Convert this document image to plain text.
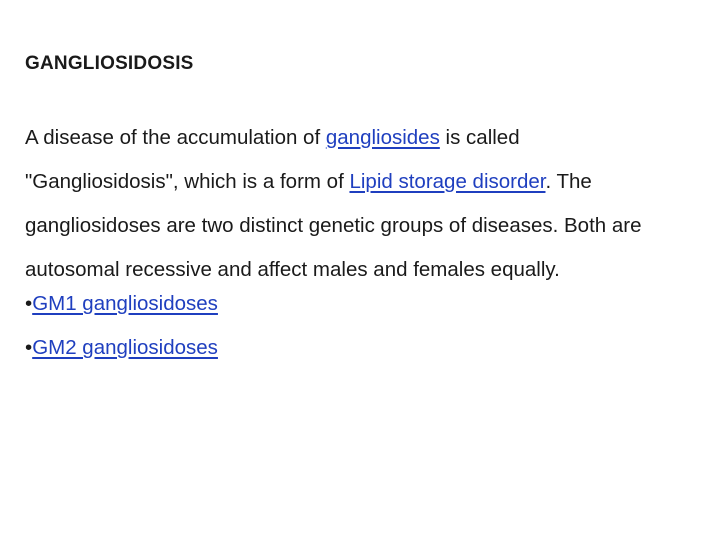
GANGLIOSIDOSIS

A disease of the accumulation of gangliosides is called
"Gangliosidosis", which is a form of Lipid storage disorder. The
gangliosidoses are two distinct genetic groups of diseases. Both are
autosomal recessive and affect males and females equally.

•GM1 gangliosidoses
•GM2 gangliosidoses
